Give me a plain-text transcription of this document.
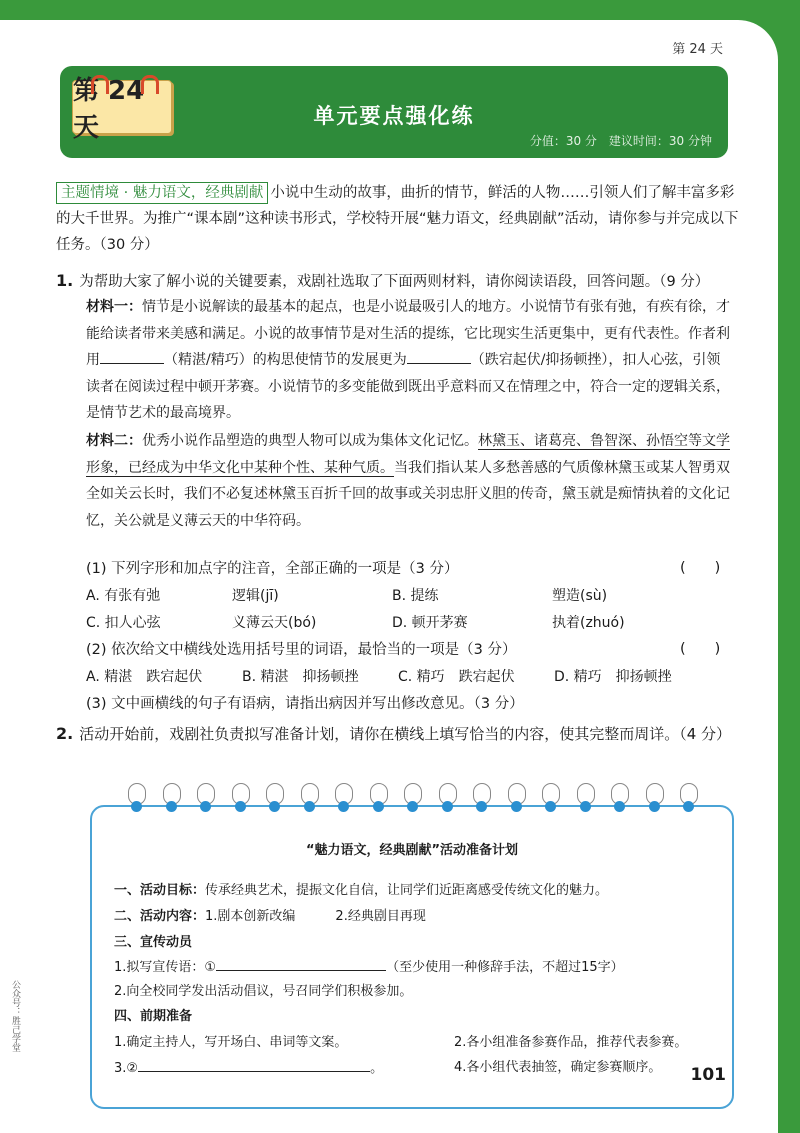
第 24 天
第 24 天	单元要点强化练
分值：30 分　建议时间：30 分钟
主题情境 · 魅力语文，经典剧献 小说中生动的故事，曲折的情节，鲜活的人物……引领人们了解丰富多彩的大千世界。为推广“课本剧”这种读书形式，学校特开展“魅力语文，经典剧献”活动，请你参与并完成以下任务。（30 分）
1. 为帮助大家了解小说的关键要素，戏剧社选取了下面两则材料，请你阅读语段，回答问题。（9 分）
材料一：情节是小说解读的最基本的起点，也是小说最吸引人的地方。小说情节有张有弛，有疾有徐，才能给读者带来美感和满足。小说的故事情节是对生活的提练，它比现实生活更集中，更有代表性。作者利用	（精湛/精巧）的构思使情节的发展更为	（跌宕起伏/抑扬顿挫），扣人心弦，引领读者在阅读过程中顿开茅赛。小说情节的多变能做到既出乎意料而又在情理之中，符合一定的逻辑关系，是情节艺术的最高境界。
材料二：优秀小说作品塑造的典型人物可以成为集体文化记忆。林黛玉、诸葛亮、鲁智深、孙悟空等文学形象，已经成为中华文化中某种个性、某种气质。当我们指认某人多愁善感的气质像林黛玉或某人智勇双全如关云长时，我们不必复述林黛玉百折千回的故事或关羽忠肝义胆的传奇，黛玉就是痴情执着的文化记忆，关公就是义薄云天的中华符码。
(1) 下列字形和加点字的注音，全部正确的一项是（3 分）	(　　)
A. 有张有弛	逻辑(jī)	B. 提练	塑造(sù)
C. 扣人心弦	义薄云天(bó)	D. 顿开茅赛	执着(zhuó)
(2) 依次给文中横线处选用括号里的词语，最恰当的一项是（3 分）	(　　)
A. 精湛　跌宕起伏	B. 精湛　抑扬顿挫	C. 精巧　跌宕起伏	D. 精巧　抑扬顿挫
(3) 文中画横线的句子有语病，请指出病因并写出修改意见。（3 分）
2. 活动开始前，戏剧社负责拟写准备计划，请你在横线上填写恰当的内容，使其完整而周详。（4 分）
“魅力语文，经典剧献”活动准备计划
一、活动目标：传承经典艺术，提振文化自信，让同学们近距离感受传统文化的魅力。
二、活动内容：1.剧本创新改编	2.经典剧目再现
三、宣传动员
1.拟写宣传语：①	（至少使用一种修辞手法，不超过15字）
2.向全校同学发出活动倡议，号召同学们积极参加。
四、前期准备
1.确定主持人，写开场白、串词等文案。	2.各小组准备参赛作品，推荐代表参赛。
3.②	。	4.各小组代表抽签，确定参赛顺序。
公众号：胜己学堂
101
